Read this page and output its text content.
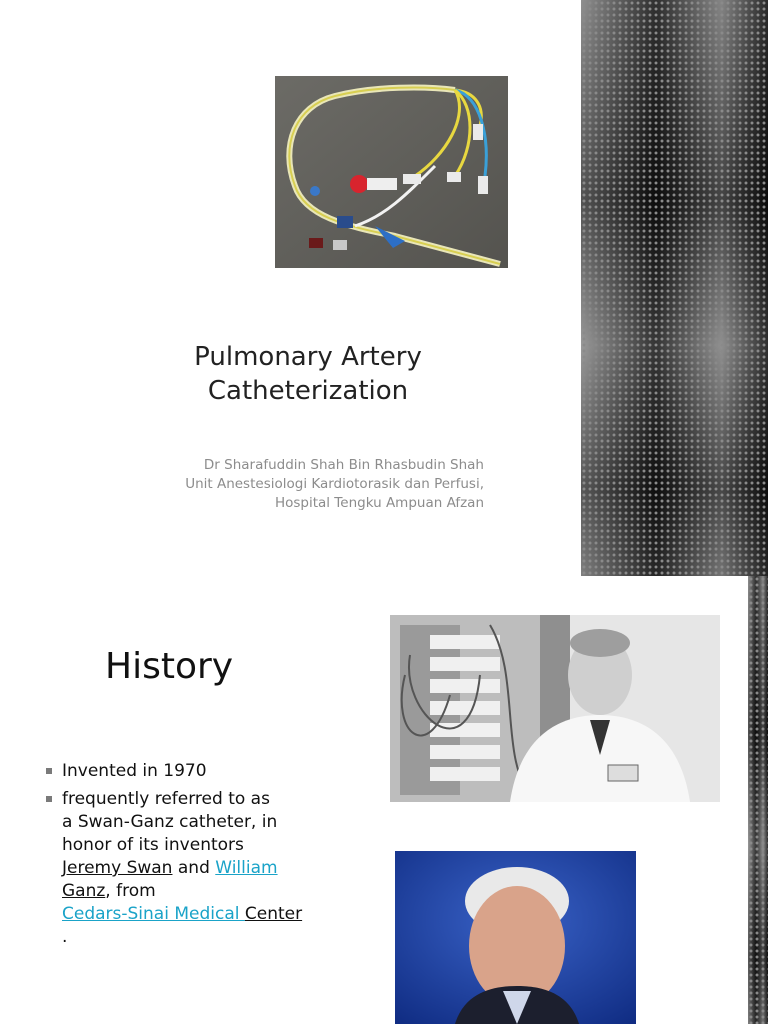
Pulmonary Artery
Catheterization
Dr Sharafuddin Shah Bin Rhasbudin Shah
Unit Anestesiologi Kardiotorasik dan Perfusi,
Hospital Tengku Ampuan Afzan
History
Invented in 1970
frequently referred to as
a Swan-Ganz catheter, in
honor of its inventors
Jeremy Swan and William
Ganz, from
Cedars-Sinai Medical Center
.
